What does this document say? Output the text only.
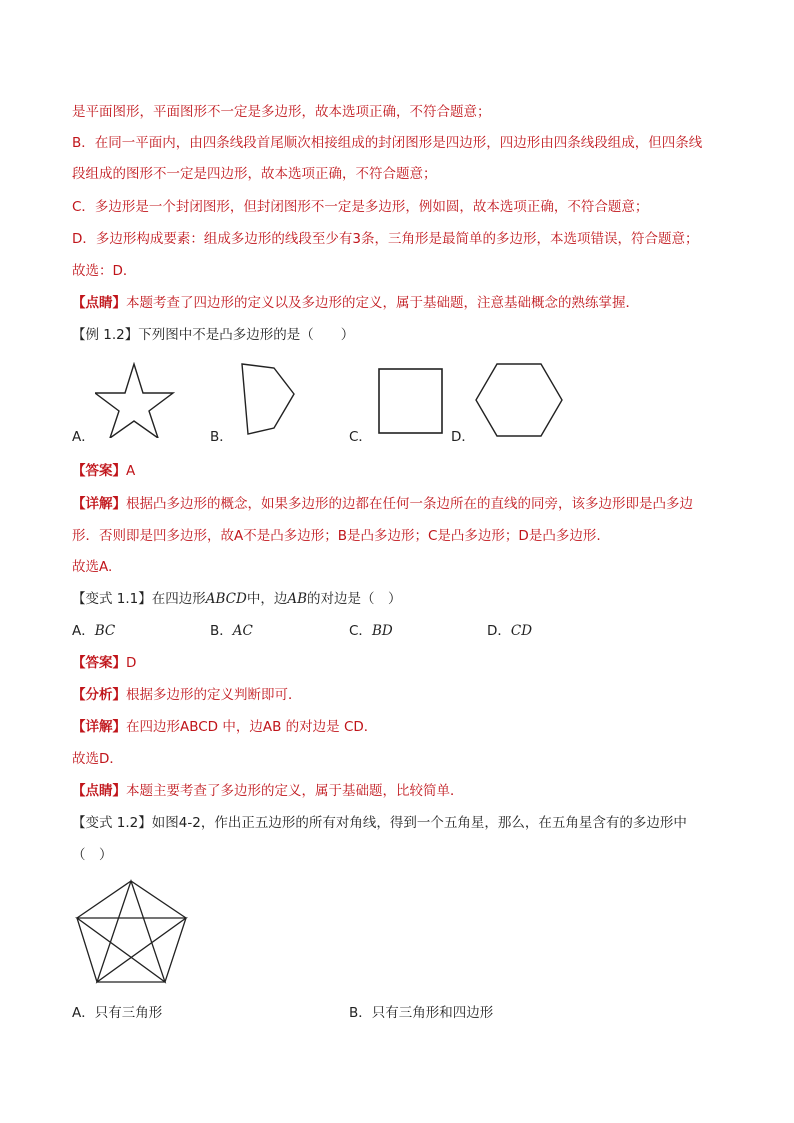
是平面图形，平面图形不一定是多边形，故本选项正确，不符合题意；
B．在同一平面内，由四条线段首尾顺次相接组成的封闭图形是四边形，四边形由四条线段组成，但四条线
段组成的图形不一定是四边形，故本选项正确，不符合题意；
C．多边形是一个封闭图形，但封闭图形不一定是多边形，例如圆，故本选项正确，不符合题意；
D．多边形构成要素：组成多边形的线段至少有3条，三角形是最简单的多边形，本选项错误，符合题意；
故选：D．
【点睛】本题考查了四边形的定义以及多边形的定义，属于基础题，注意基础概念的熟练掌握．
【例 1.2】下列图中不是凸多边形的是（　　）
A．	B．	C．	D．
【答案】A
【详解】根据凸多边形的概念，如果多边形的边都在任何一条边所在的直线的同旁，该多边形即是凸多边
形．否则即是凹多边形，故A不是凸多边形；B是凸多边形；C是凸多边形；D是凸多边形.
故选A.
【变式 1.1】在四边形ABCD中，边AB的对边是（　）
A．BC	B．AC	C．BD	D．CD
【答案】D
【分析】根据多边形的定义判断即可．
【详解】在四边形ABCD 中，边AB 的对边是 CD．
故选D．
【点睛】本题主要考查了多边形的定义，属于基础题，比较简单．
【变式 1.2】如图4-2，作出正五边形的所有对角线，得到一个五角星，那么，在五角星含有的多边形中
（　）
A．只有三角形	B．只有三角形和四边形
